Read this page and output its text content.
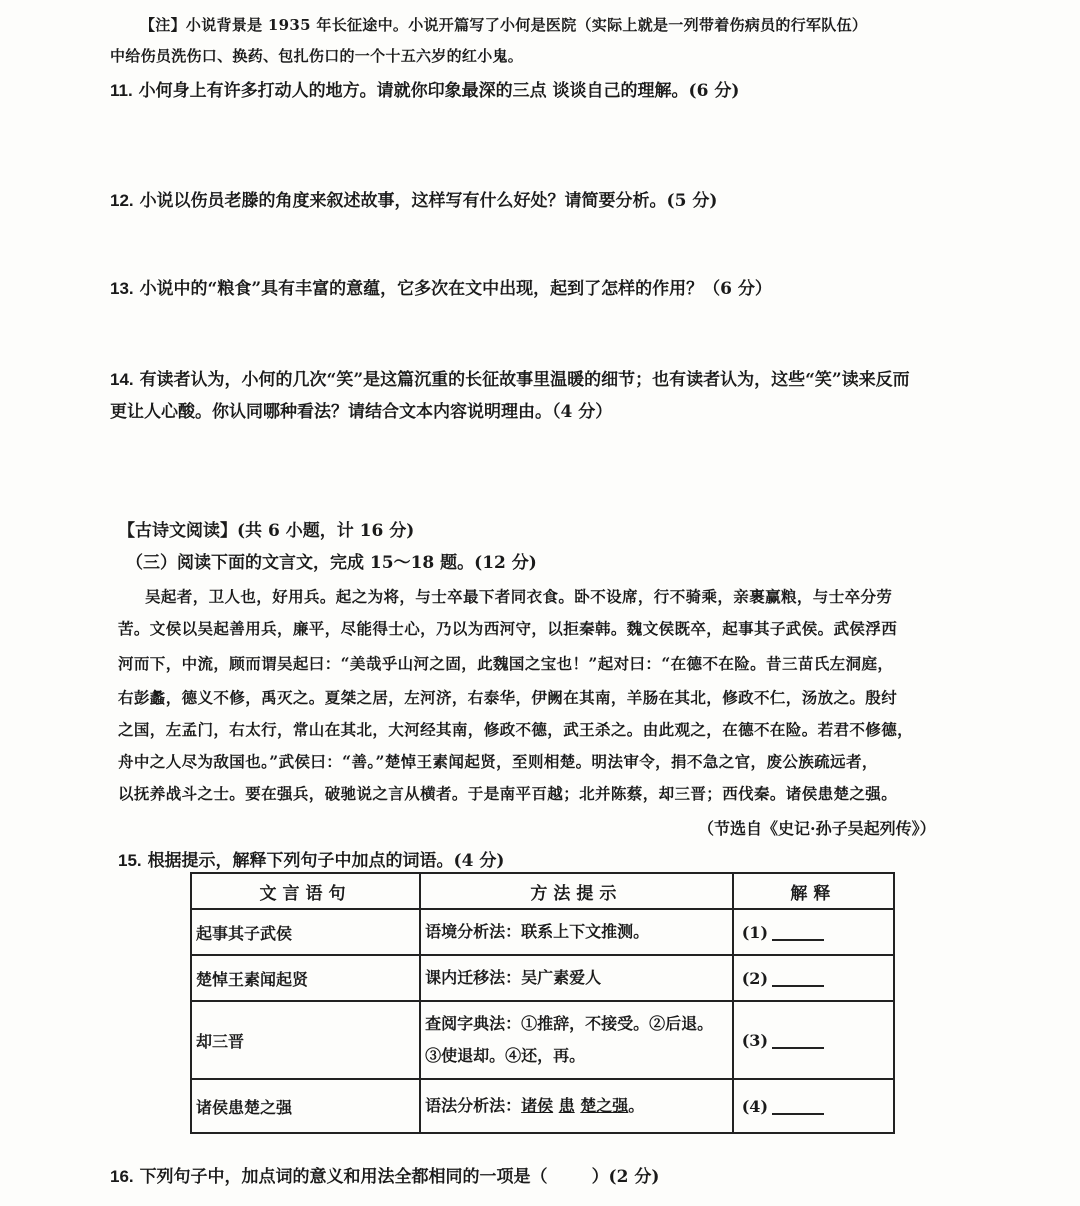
【注】小说背景是 1935 年长征途中。小说开篇写了小何是医院（实际上就是一列带着伤病员的行军队伍）
中给伤员洗伤口、换药、包扎伤口的一个十五六岁的红小鬼。
11. 小何身上有许多打动人的地方。请就你印象最深的三点 谈谈自己的理解。(6 分)
12. 小说以伤员老滕的角度来叙述故事，这样写有什么好处？请简要分析。(5 分)
13. 小说中的“粮食”具有丰富的意蕴，它多次在文中出现，起到了怎样的作用？（6 分）
14. 有读者认为，小何的几次“笑”是这篇沉重的长征故事里温暖的细节；也有读者认为，这些“笑”读来反而
更让人心酸。你认同哪种看法？请结合文本内容说明理由。（4 分）
【古诗文阅读】(共 6 小题，计 16 分)
（三）阅读下面的文言文，完成 15～18 题。(12 分)
吴起者，卫人也，好用兵。起之为将，与士卒最下者同衣食。卧不设席，行不骑乘，亲裹赢粮，与士卒分劳
苦。文侯以吴起善用兵，廉平，尽能得士心，乃以为西河守，以拒秦韩。魏文侯既卒，起事其子武侯。武侯浮西
河而下，中流，顾而谓吴起曰：“美哉乎山河之固，此魏国之宝也！”起对曰：“在德不在险。昔三苗氏左洞庭，
右彭蠡，德义不修，禹灭之。夏桀之居，左河济，右泰华，伊阙在其南，羊肠在其北，修政不仁，汤放之。殷纣
之国，左孟门，右太行，常山在其北，大河经其南，修政不德，武王杀之。由此观之，在德不在险。若君不修德，
舟中之人尽为敌国也。”武侯曰：“善。”楚悼王素闻起贤，至则相楚。明法审令，捐不急之官，废公族疏远者，
以抚养战斗之士。要在强兵，破驰说之言从横者。于是南平百越；北并陈蔡，却三晋；西伐秦。诸侯患楚之强。
（节选自《史记·孙子吴起列传》）
15. 根据提示，解释下列句子中加点的词语。(4 分)
文言语句	方法提示	解释
起事其子武侯	语境分析法：联系上下文推测。	(1)
楚悼王素闻起贤	课内迁移法：吴广素爱人	(2)
却三晋	查阅字典法：①推辞，不接受。②后退。③使退却。④还，再。	(3)
诸侯患楚之强	语法分析法：诸侯 患 楚之强。	(4)
16. 下列句子中，加点词的意义和用法全都相同的一项是（	）(2 分)
